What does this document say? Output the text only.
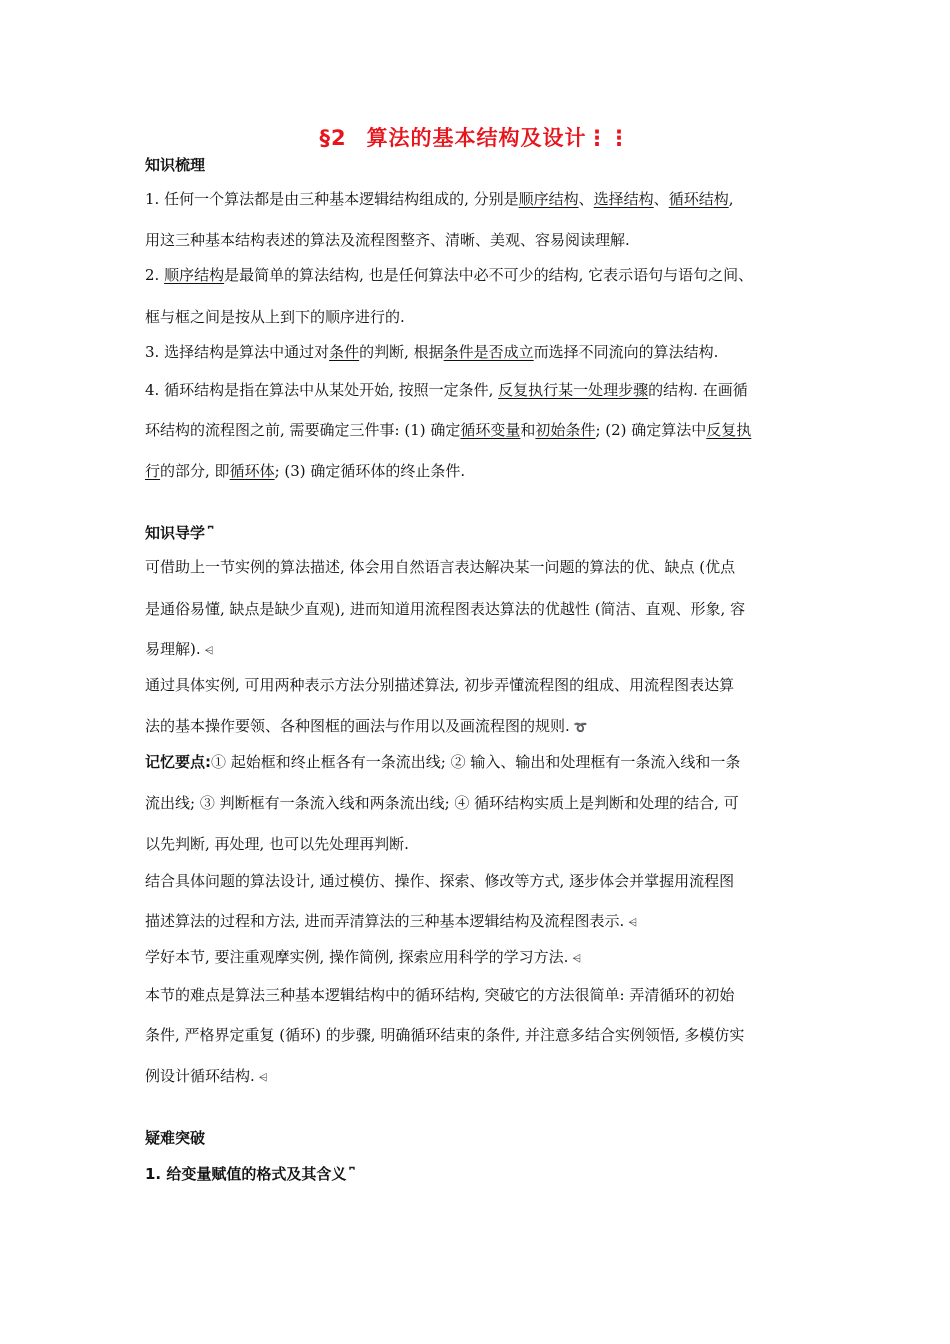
§2 算法的基本结构及设计⋮⋮
知识梳理
1. 任何一个算法都是由三种基本逻辑结构组成的, 分别是顺序结构、选择结构、循环结构,
用这三种基本结构表述的算法及流程图整齐、清晰、美观、容易阅读理解.
2. 顺序结构是最简单的算法结构, 也是任何算法中必不可少的结构, 它表示语句与语句之间、
框与框之间是按从上到下的顺序进行的.
3. 选择结构是算法中通过对条件的判断, 根据条件是否成立而选择不同流向的算法结构.
4. 循环结构是指在算法中从某处开始, 按照一定条件, 反复执行某一处理步骤的结构. 在画循
环结构的流程图之前, 需要确定三件事: (1) 确定循环变量和初始条件; (2) 确定算法中反复执
行的部分, 即循环体; (3) 确定循环体的终止条件.
知识导学 ⎴
可借助上一节实例的算法描述, 体会用自然语言表达解决某一问题的算法的优、缺点 (优点
是通俗易懂, 缺点是缺少直观), 进而知道用流程图表达算法的优越性 (简洁、直观、形象, 容
易理解). ⩤
通过具体实例, 可用两种表示方法分别描述算法, 初步弄懂流程图的组成、用流程图表达算
法的基本操作要领、各种图框的画法与作用以及画流程图的规则. ➰
记忆要点:① 起始框和终止框各有一条流出线; ② 输入、输出和处理框有一条流入线和一条
流出线; ③ 判断框有一条流入线和两条流出线; ④ 循环结构实质上是判断和处理的结合, 可
以先判断, 再处理, 也可以先处理再判断.
结合具体问题的算法设计, 通过模仿、操作、探索、修改等方式, 逐步体会并掌握用流程图
描述算法的过程和方法, 进而弄清算法的三种基本逻辑结构及流程图表示. ⩤
学好本节, 要注重观摩实例, 操作简例, 探索应用科学的学习方法. ⩤
本节的难点是算法三种基本逻辑结构中的循环结构, 突破它的方法很简单: 弄清循环的初始
条件, 严格界定重复 (循环) 的步骤, 明确循环结束的条件, 并注意多结合实例领悟, 多模仿实
例设计循环结构. ⩤
疑难突破
1. 给变量赋值的格式及其含义 ⎴
